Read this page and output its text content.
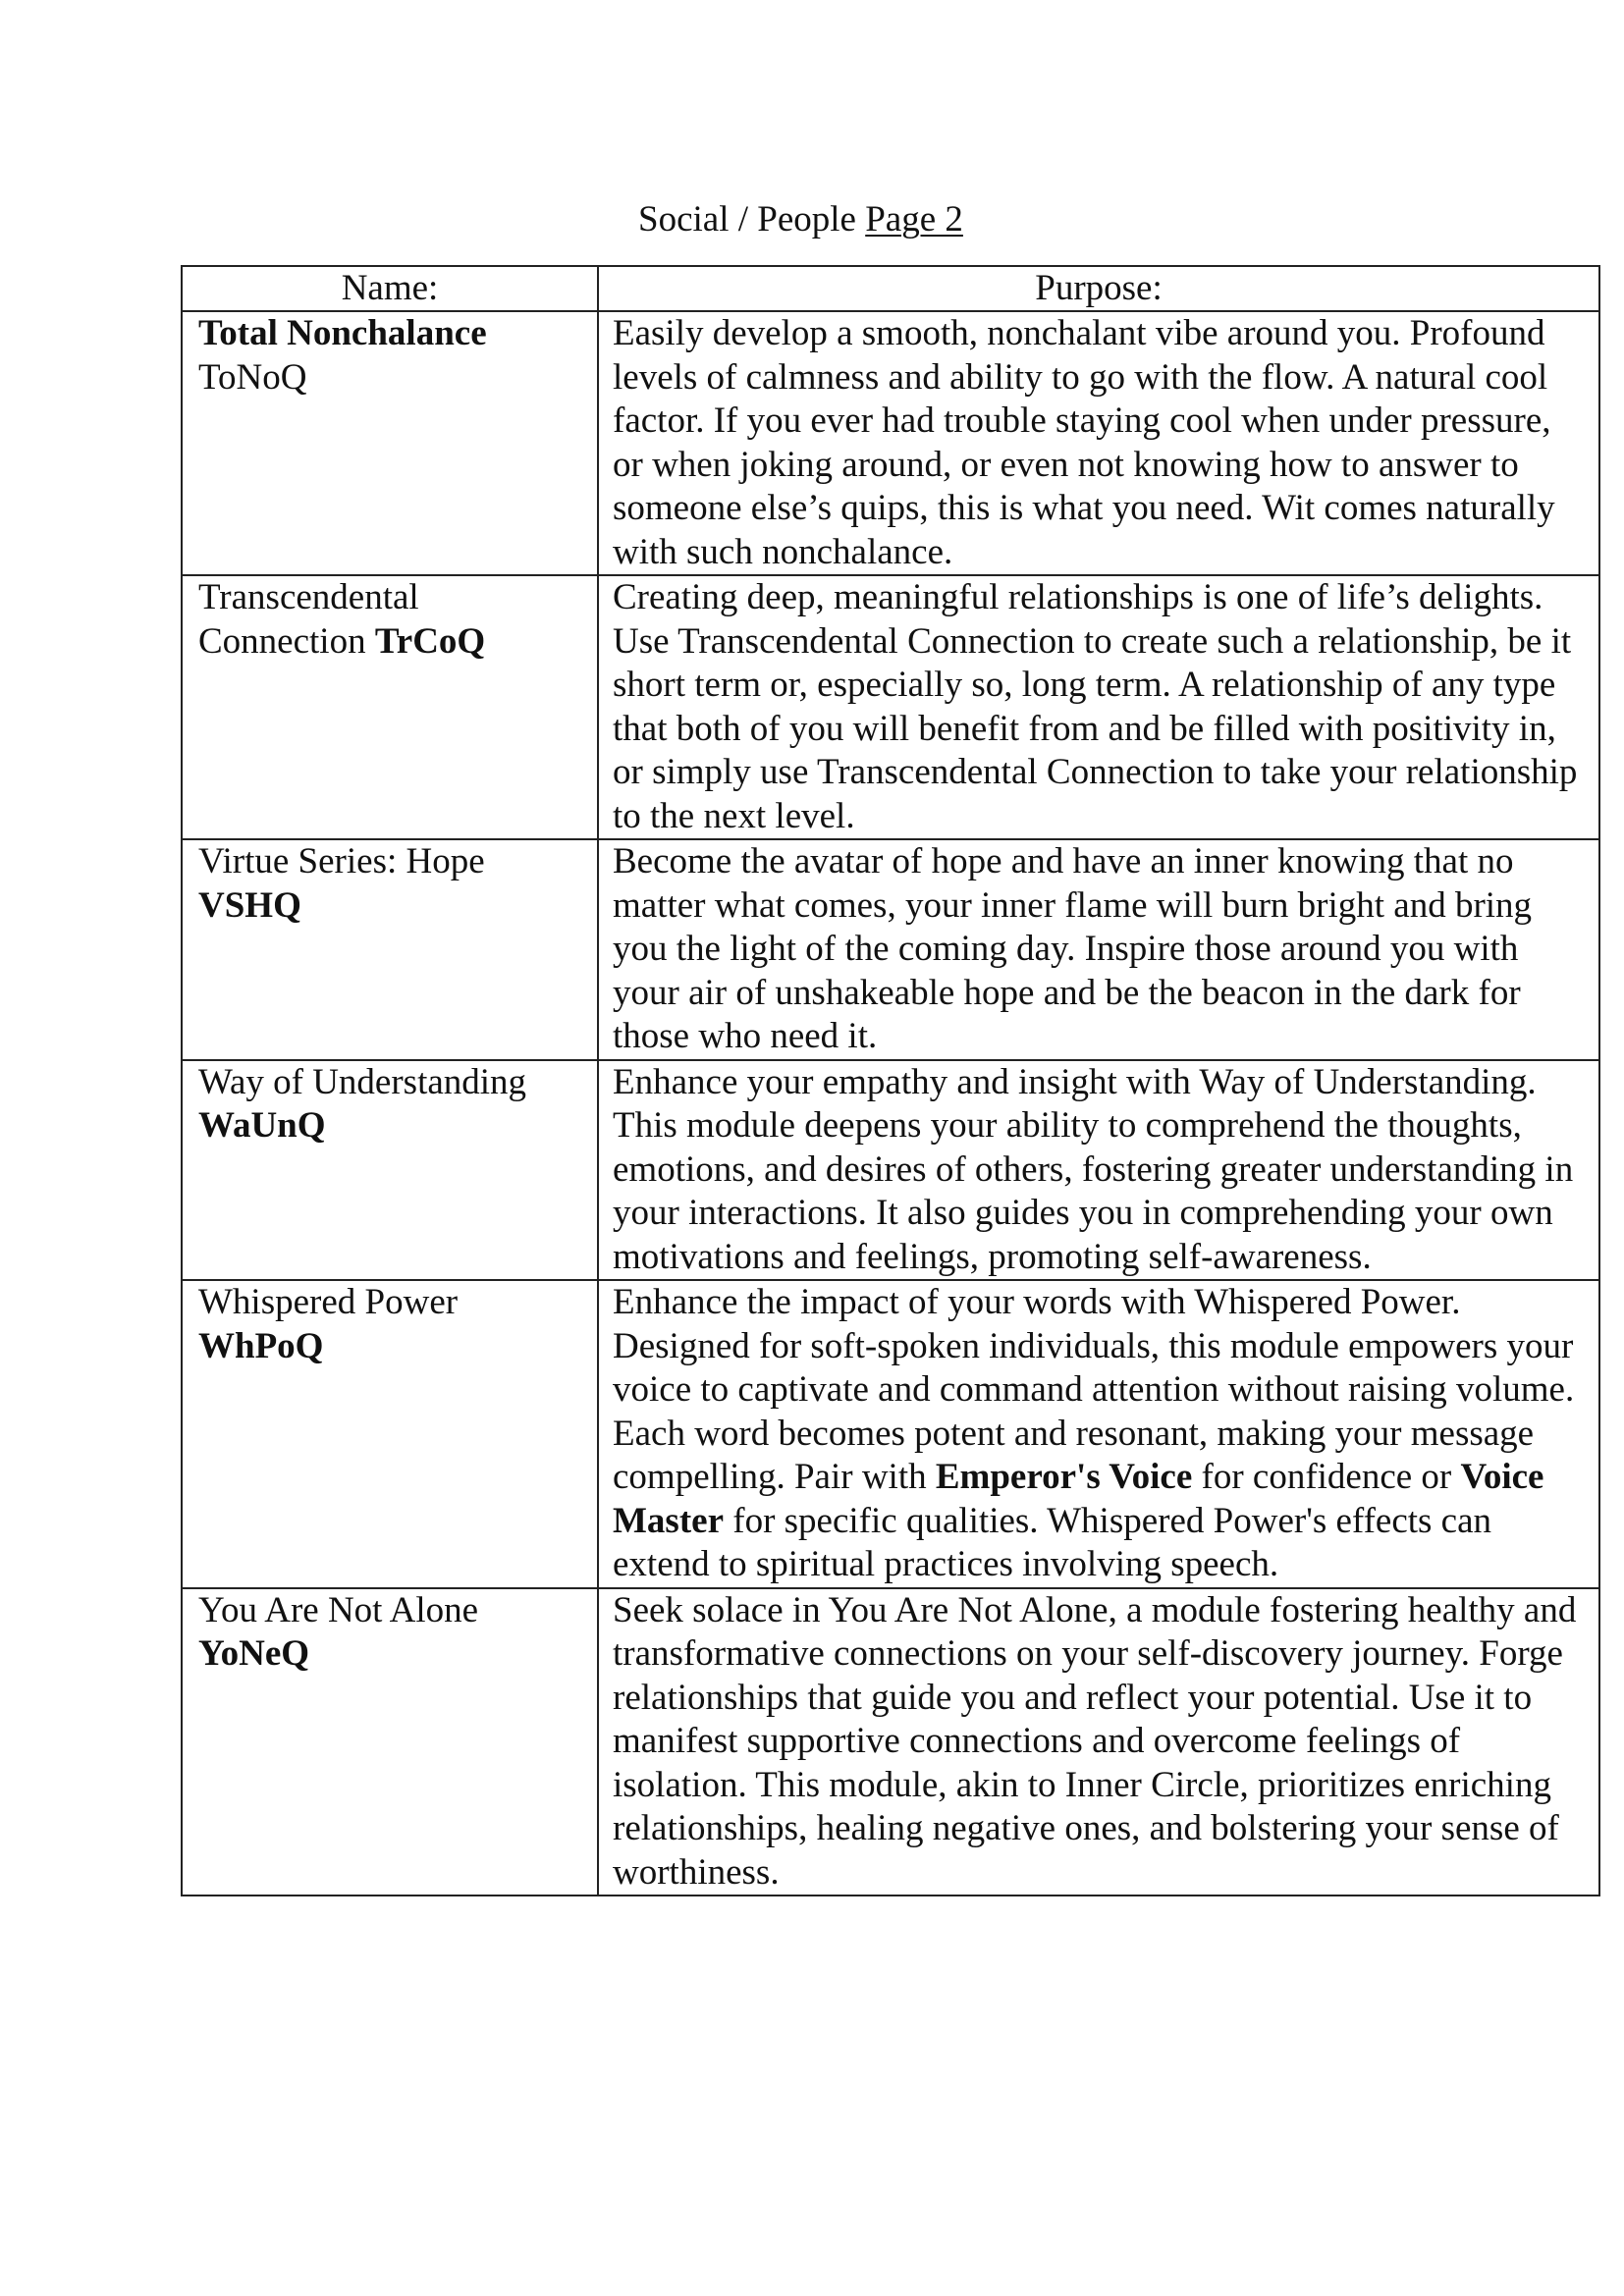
Social / People Page 2
Name:	Purpose:

Total Nonchalance
ToNoQ	Easily develop a smooth, nonchalant vibe around you. Profound levels of calmness and ability to go with the flow. A natural cool factor. If you ever had trouble staying cool when under pressure, or when joking around, or even not knowing how to answer to someone else’s quips, this is what you need. Wit comes naturally with such nonchalance.
Transcendental Connection TrCoQ	Creating deep, meaningful relationships is one of life’s delights. Use Transcendental Connection to create such a relationship, be it short term or, especially so, long term. A relationship of any type that both of you will benefit from and be filled with positivity in, or simply use Transcendental Connection to take your relationship to the next level.

Virtue Series: Hope
VSHQ	Become the avatar of hope and have an inner knowing that no matter what comes, your inner flame will burn bright and bring you the light of the coming day. Inspire those around you with your air of unshakeable hope and be the beacon in the dark for those who need it.

Way of Understanding
WaUnQ	Enhance your empathy and insight with Way of Understanding. This module deepens your ability to comprehend the thoughts, emotions, and desires of others, fostering greater understanding in your interactions. It also guides you in comprehending your own motivations and feelings, promoting self-awareness.

Whispered Power
WhPoQ	Enhance the impact of your words with Whispered Power. Designed for soft-spoken individuals, this module empowers your voice to captivate and command attention without raising volume. Each word becomes potent and resonant, making your message compelling. Pair with Emperor's Voice for confidence or Voice Master for specific qualities. Whispered Power's effects can extend to spiritual practices involving speech.

You Are Not Alone
YoNeQ	Seek solace in You Are Not Alone, a module fostering healthy and transformative connections on your self-discovery journey. Forge relationships that guide you and reflect your potential. Use it to manifest supportive connections and overcome feelings of isolation. This module, akin to Inner Circle, prioritizes enriching relationships, healing negative ones, and bolstering your sense of worthiness.
